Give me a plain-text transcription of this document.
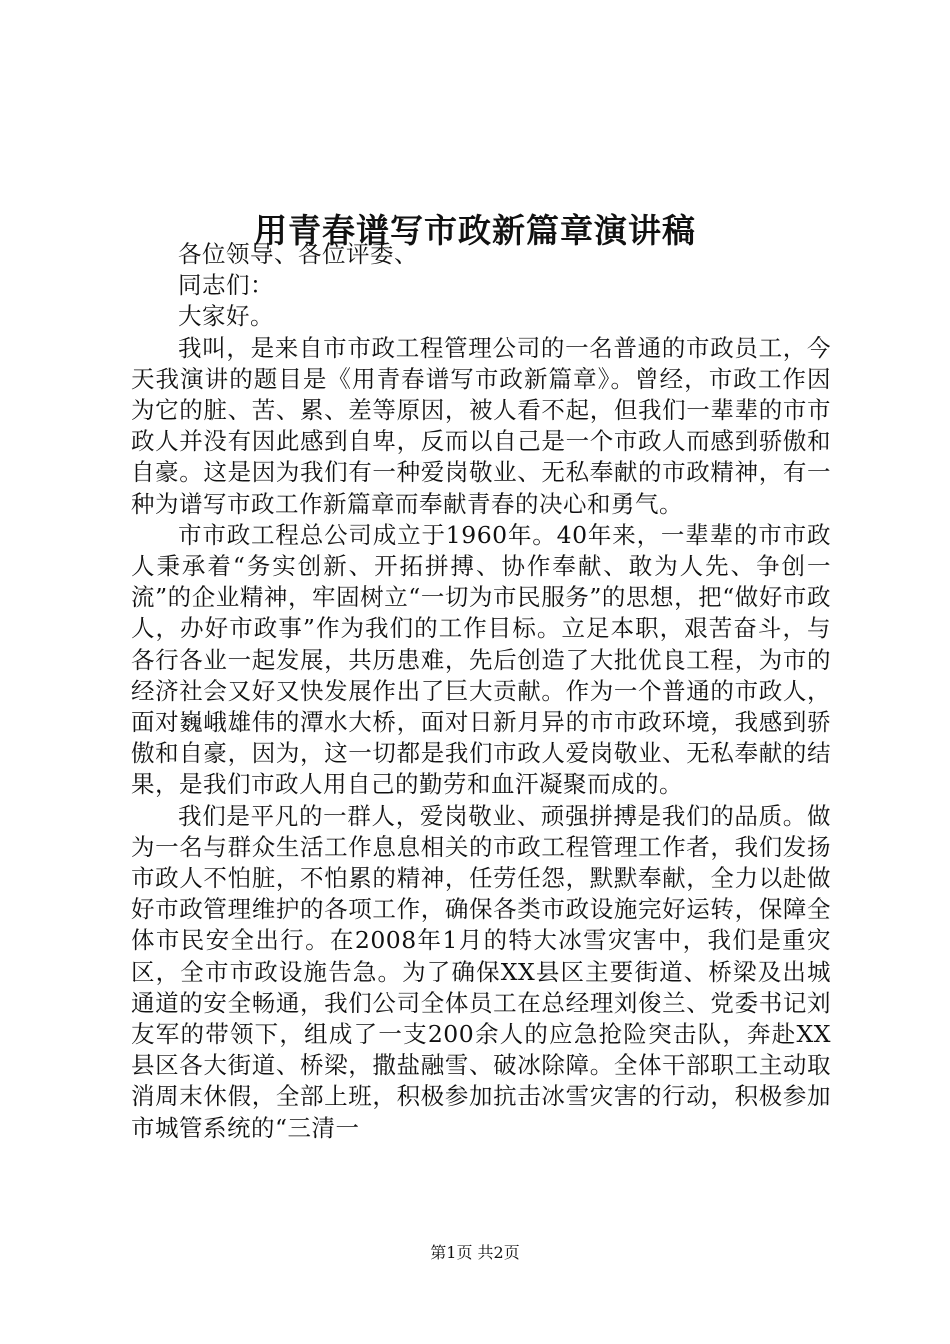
用青春谱写市政新篇章演讲稿

各位领导、各位评委、

同志们：

大家好。

我叫，是来自市市政工程管理公司的一名普通的市政员工，今天我演讲的题目是《用青春谱写市政新篇章》。曾经，市政工作因为它的脏、苦、累、差等原因，被人看不起，但我们一辈辈的市市政人并没有因此感到自卑，反而以自己是一个市政人而感到骄傲和自豪。这是因为我们有一种爱岗敬业、无私奉献的市政精神，有一种为谱写市政工作新篇章而奉献青春的决心和勇气。

市市政工程总公司成立于1960年。40年来，一辈辈的市市政人秉承着“务实创新、开拓拼搏、协作奉献、敢为人先、争创一流”的企业精神，牢固树立“一切为市民服务”的思想，把“做好市政人，办好市政事”作为我们的工作目标。立足本职，艰苦奋斗，与各行各业一起发展，共历患难，先后创造了大批优良工程，为市的经济社会又好又快发展作出了巨大贡献。作为一个普通的市政人，面对巍峨雄伟的潭水大桥，面对日新月异的市市政环境，我感到骄傲和自豪，因为，这一切都是我们市政人爱岗敬业、无私奉献的结果，是我们市政人用自己的勤劳和血汗凝聚而成的。

我们是平凡的一群人，爱岗敬业、顽强拼搏是我们的品质。做为一名与群众生活工作息息相关的市政工程管理工作者，我们发扬市政人不怕脏，不怕累的精神，任劳任怨，默默奉献，全力以赴做好市政管理维护的各项工作，确保各类市政设施完好运转，保障全体市民安全出行。在2008年1月的特大冰雪灾害中，我们是重灾区，全市市政设施告急。为了确保XX县区主要街道、桥梁及出城通道的安全畅通，我们公司全体员工在总经理刘俊兰、党委书记刘友军的带领下，组成了一支200余人的应急抢险突击队，奔赴XX县区各大街道、桥梁，撒盐融雪、破冰除障。全体干部职工主动取消周末休假，全部上班，积极参加抗击冰雪灾害的行动，积极参加市城管系统的“三清一

第1页 共2页
